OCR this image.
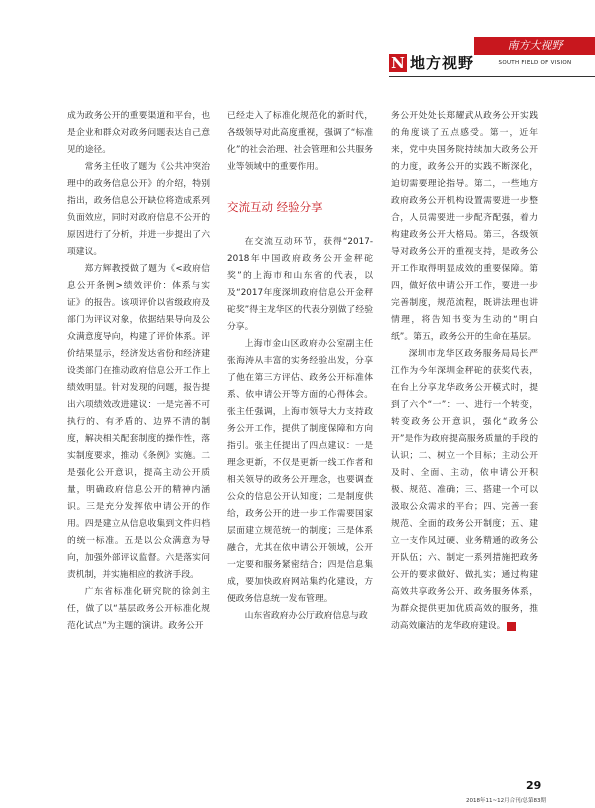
南方大视野
N 地方视野	SOUTH FIELD OF VISION

成为政务公开的重要渠道和平台，也是企业和群众对政务问题表达自己意见的途径。

常务主任收了题为《公共冲突治理中的政务信息公开》的介绍，特别指出，政务信息公开缺位将造成系列负面效应，同时对政府信息不公开的原因进行了分析，并进一步提出了六项建议。

郑方辉教授做了题为《<政府信息公开条例>绩效评价：体系与实证》的报告。该项评价以省级政府及部门为评议对象，依据结果导向及公众满意度导向，构建了评价体系。评价结果显示，经济发达省份和经济建设类部门在推动政府信息公开工作上绩效明显。针对发现的问题，报告提出六项绩效改进建议：一是完善不可执行的、有矛盾的、边界不清的制度，解决相关配套制度的操作性，落实制度要求，推动《条例》实施。二是强化公开意识，提高主动公开质量，明确政府信息公开的精神内涵识。三是充分发挥依申请公开的作用。四是建立从信息收集到文件归档的统一标准。五是以公众满意为导向，加强外部评议监督。六是落实问责机制，并实施相应的救济手段。

广东省标准化研究院的徐剑主任，做了以“基层政务公开标准化规范化试点”为主题的演讲。政务公开

已经走入了标准化规范化的新时代，各级领导对此高度重视，强调了“标准化”的社会治理、社会管理和公共服务业等领域中的重要作用。

交流互动 经验分享

在交流互动环节，获得“2017-2018年中国政府政务公开金秤砣奖”的上海市和山东省的代表，以及“2017年度深圳政府信息公开金秤砣奖”得主龙华区的代表分别做了经验分享。

上海市金山区政府办公室副主任张海涛从丰富的实务经验出发，分享了他在第三方评估、政务公开标准体系、依申请公开等方面的心得体会。张主任强调，上海市领导大力支持政务公开工作，提供了制度保障和方向指引。张主任提出了四点建议：一是理念更新，不仅是更新一线工作者和相关领导的政务公开理念，也要调查公众的信息公开认知度；二是制度供给，政务公开的进一步工作需要国家层面建立规范统一的制度；三是体系融合，尤其在依申请公开领域，公开一定要和服务紧密结合；四是信息集成，要加快政府网站集约化建设，方便政务信息统一发布管理。

山东省政府办公厅政府信息与政

务公开处处长郑耀武从政务公开实践的角度谈了五点感受。第一，近年来，党中央国务院持续加大政务公开的力度，政务公开的实践不断深化，迫切需要理论指导。第二，一些地方政府政务公开机构设置需要进一步整合，人员需要进一步配齐配强，着力构建政务公开大格局。第三，各级领导对政务公开的重视支持，是政务公开工作取得明显成效的重要保障。第四，做好依申请公开工作，要进一步完善制度，规范流程，既讲法理也讲情理，将告知书变为生动的“明白纸”。第五，政务公开的生命在基层。

深圳市龙华区政务服务局局长严江作为今年深圳金秤砣的获奖代表，在台上分享龙华政务公开模式时，提到了六个“一”：一、进行一个转变，转变政务公开意识，强化“政务公开”是作为政府提高服务质量的手段的认识；二、树立一个目标；主动公开及时、全面、主动，依申请公开积极、规范、准确；三、搭建一个可以汲取公众需求的平台；四、完善一套规范、全面的政务公开制度；五、建立一支作风过硬、业务精通的政务公开队伍；六、制定一系列措施把政务公开的要求做好、做扎实；通过构建高效共享政务公开、政务服务体系，为群众提供更加优质高效的服务，推动高效廉洁的龙华政府建设。 N

29
2018年11~12月合刊/总第83期
